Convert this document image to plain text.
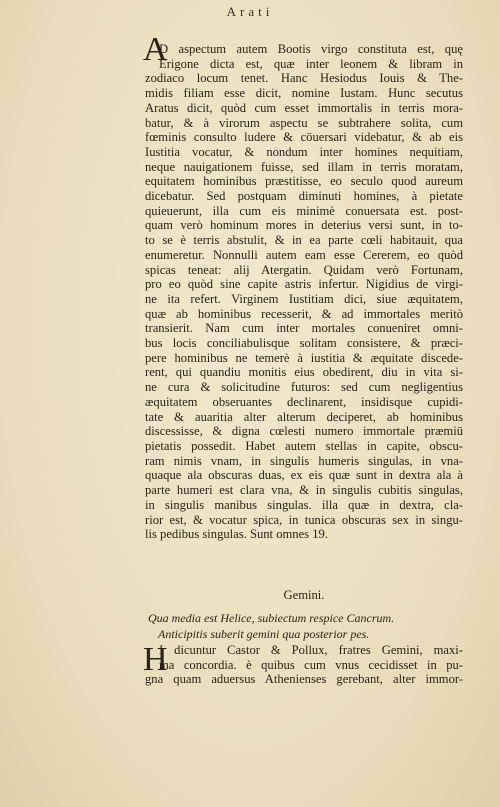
Arati
A
D aspectum autem Bootis virgo constituta est, quę
Erigone dicta est, quæ inter leonem & libram in
zodiaco locum tenet. Hanc Hesiodus Iouis & The-
midis filiam esse dicit, nomine Iustam. Hunc secutus
Aratus dicit, quòd cum esset immortalis in terris mora-
batur, & à virorum aspectu se subtrahere solita, cum
fœminis consulto ludere & cōuersari videbatur, & ab eis
Iustitia vocatur, & nondum inter homines nequitiam,
neque nauigationem fuisse, sed illam in terris moratam,
equitatem hominibus præstitisse, eo seculo quod aureum
dicebatur. Sed postquam diminuti homines, à pietate
quieuerunt, illa cum eis minimè conuersata est. post-
quam verò hominum mores in deterius versi sunt, in to-
to se è terris abstulit, & in ea parte cœli habitauit, qua
enumeretur. Nonnulli autem eam esse Cererem, eo quòd
spicas teneat: alij Atergatin. Quidam verò Fortunam,
pro eo quòd sine capite astris infertur. Nigidius de virgi-
ne ita refert. Virginem Iustitiam dici, siue æquitatem,
quæ ab hominibus recesserit, & ad immortales meritò
transierit. Nam cum inter mortales conueniret omni-
bus locis conciliabulisque solitam consistere, & præci-
pere hominibus ne temerè à iustitia & æquitate discede-
rent, qui quandiu monitis eius obedirent, diu in vita si-
ne cura & solicitudine futuros: sed cum negligentius
æquitatem obseruantes declinarent, insidisque cupidi-
tate & auaritia alter alterum deciperet, ab hominibus
discessisse, & digna cœlesti numero immortale præmiū
pietatis possedit. Habet autem stellas in capite, obscu-
ram nimis vnam, in singulis humeris singulas, in vna-
quaque ala obscuras duas, ex eis quæ sunt in dextra ala à
parte humeri est clara vna, & in singulis cubitis singulas,
in singulis manibus singulas. illa quæ in dextra, cla-
rior est, & vocatur spica, in tunica obscuras sex in singu-
lis pedibus singulas. Sunt omnes 19.
Gemini.
Qua media est Helice, subiectum respice Cancrum.
Anticipitis suberit gemini qua posterior pes.
H
I dicuntur Castor & Pollux, fratres Gemini, maxi-
ma concordia. è quibus cum vnus cecidisset in pu-
gna quam aduersus Athenienses gerebant, alter immor-
